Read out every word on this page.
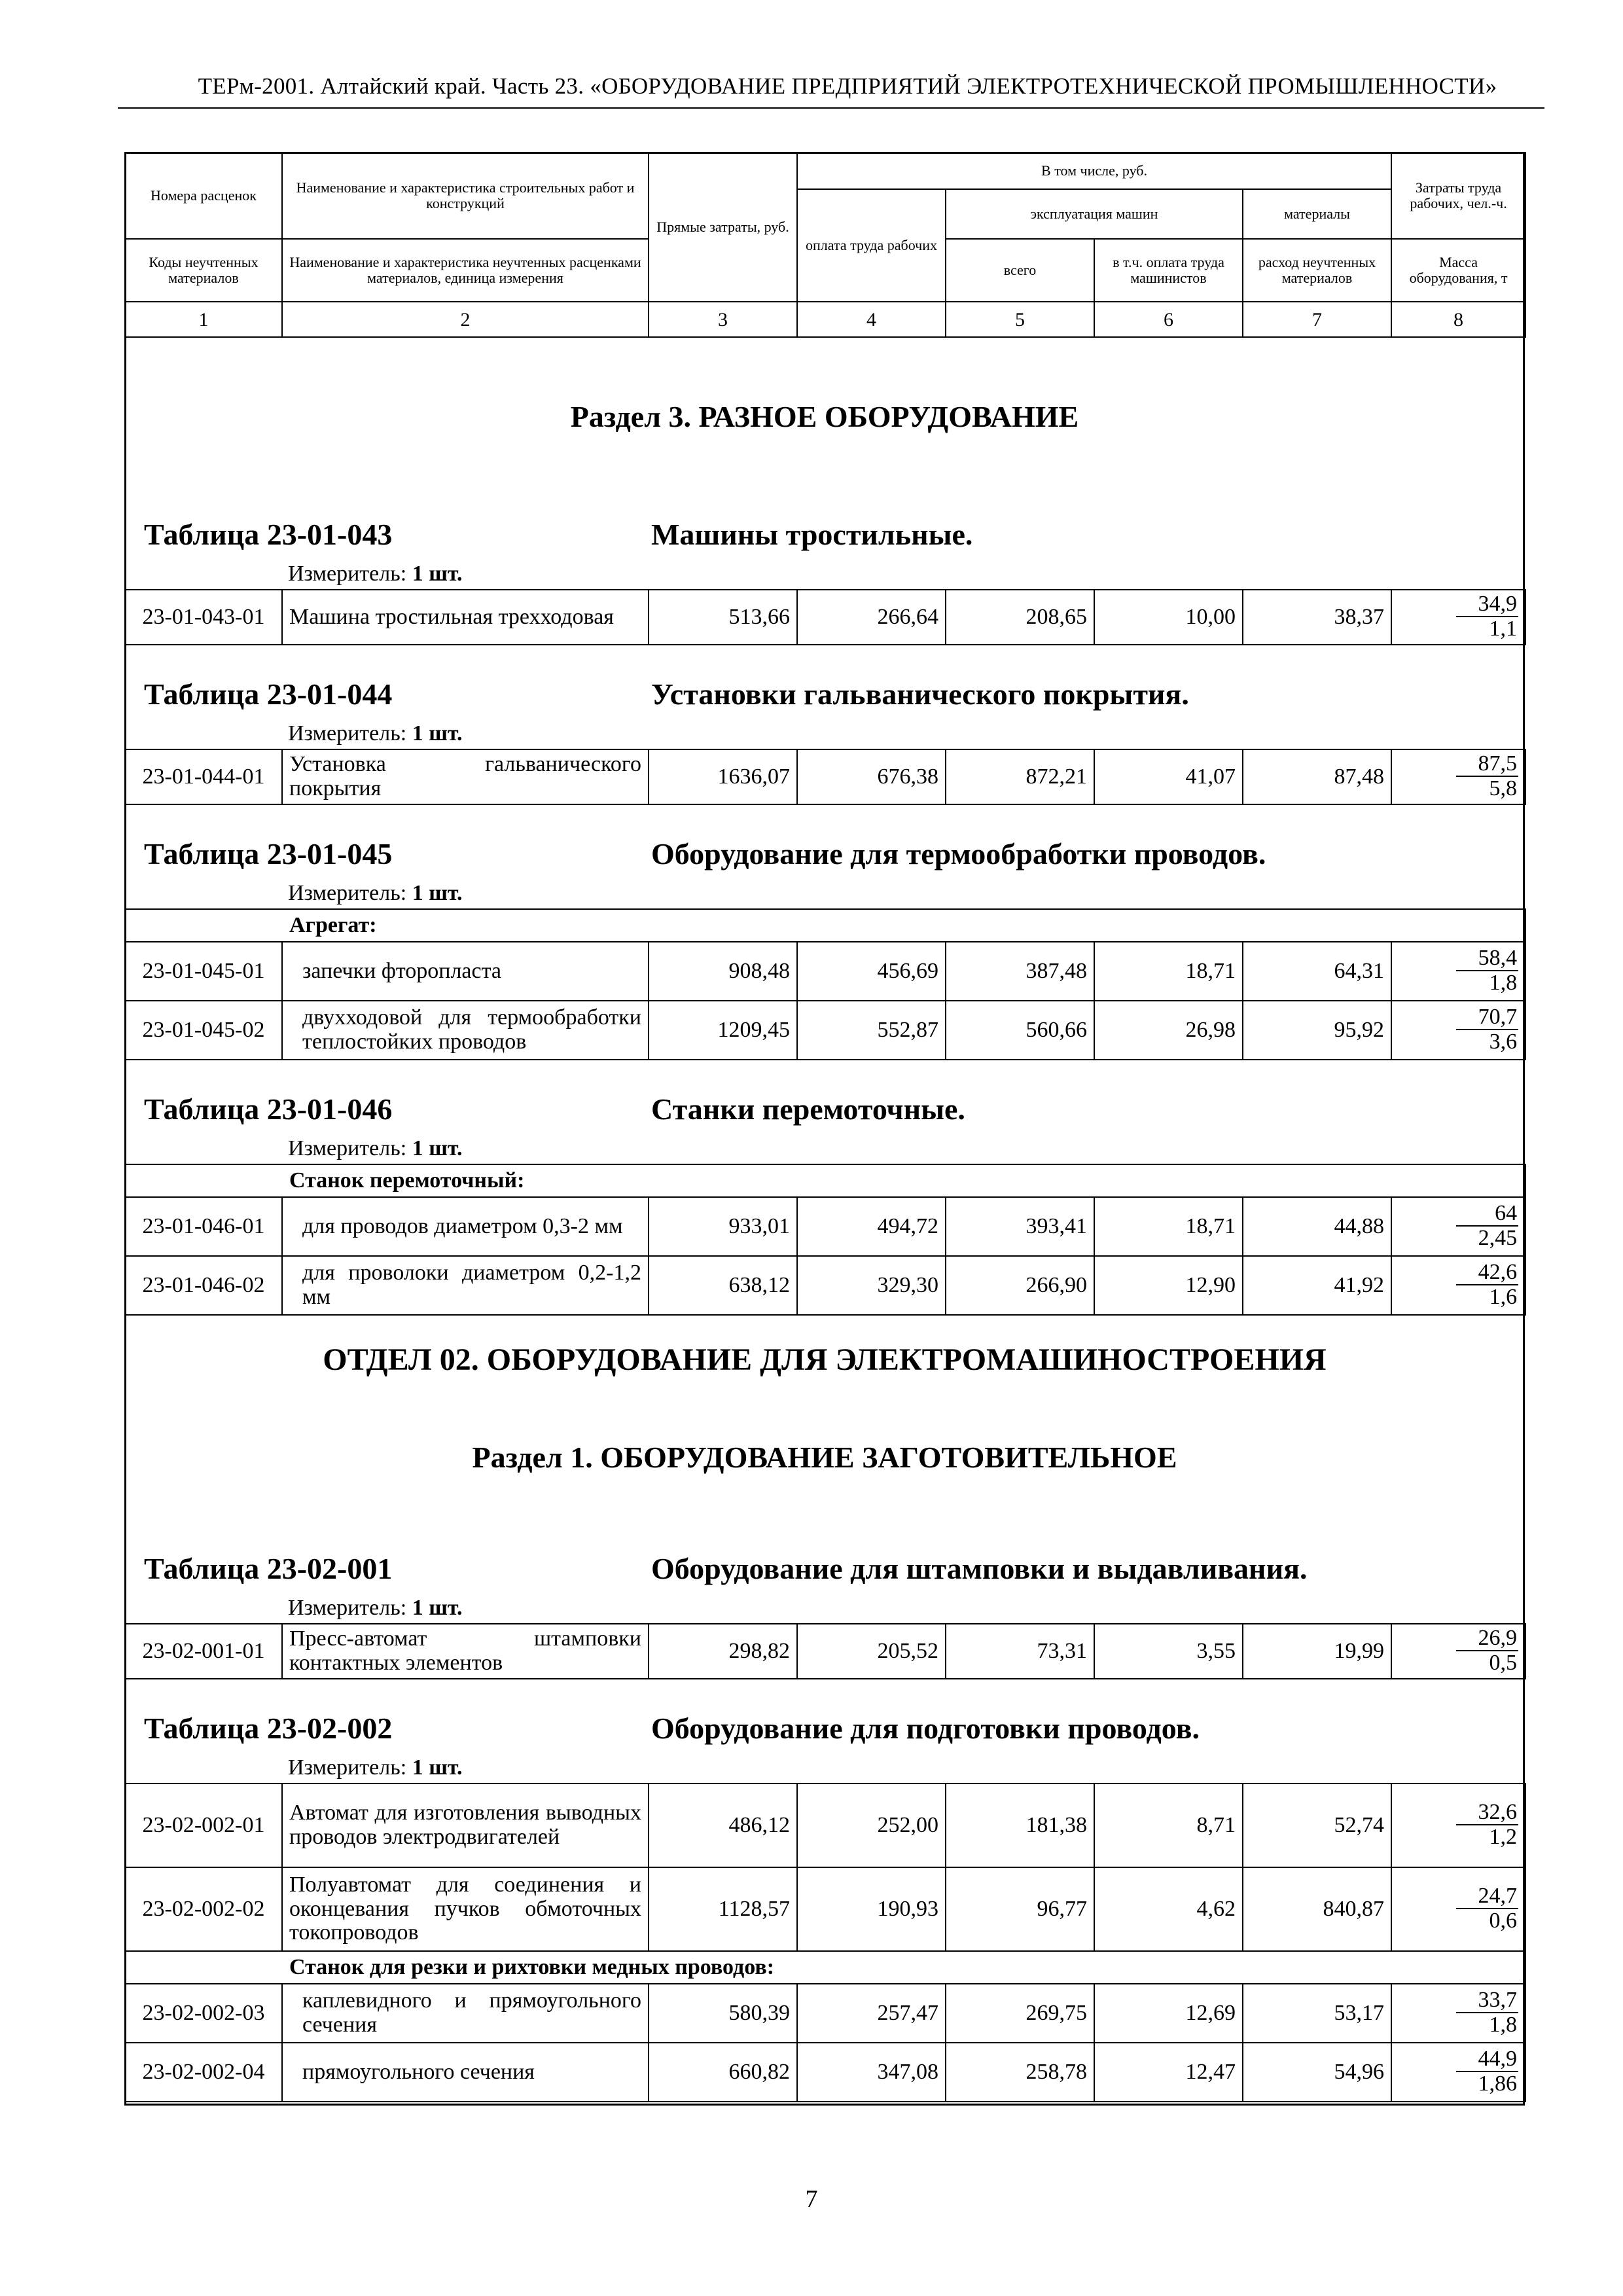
ТЕРм-2001. Алтайский край. Часть 23. «ОБОРУДОВАНИЕ ПРЕДПРИЯТИЙ ЭЛЕКТРОТЕХНИЧЕСКОЙ ПРОМЫШЛЕННОСТИ»
Номера расценок	Наименование и характеристика строительных работ и конструкций	Прямые затраты, руб.	В том числе, руб.				Затраты труда рабочих, чел.-ч.
			оплата труда рабочих	эксплуатация машин		материалы	
Коды неучтенных материалов	Наименование и характеристика неучтенных расценками материалов, единица измерения			всего	в т.ч. оплата труда машинистов	расход неучтенных материалов	Масса оборудования, т
1	2	3	4	5	6	7	8
Раздел 3. РАЗНОЕ ОБОРУДОВАНИЕ
Таблица 23-01-043	Машины тростильные.
Измеритель: 1 шт.
23-01-043-01	Машина тростильная трехходовая	513,66	266,64	208,65	10,00	38,37	$\frac{34,9}{1,1}$
Таблица 23-01-044	Установки гальванического покрытия.
Измеритель: 1 шт.
23-01-044-01	Установка гальванического покрытия	1636,07	676,38	872,21	41,07	87,48	$\frac{87,5}{5,8}$
Таблица 23-01-045	Оборудование для термообработки проводов.
Измеритель: 1 шт.
Агрегат:							
23-01-045-01	запечки фторопласта	908,48	456,69	387,48	18,71	64,31	$\frac{58,4}{1,8}$

23-01-045-02	двухходовой для термообработки теплостойких проводов	1209,45	552,87	560,66	26,98	95,92	$\frac{70,7}{3,6}$
Таблица 23-01-046	Станки перемоточные.
Измеритель: 1 шт.
Станок перемоточный:							
23-01-046-01	для проводов диаметром 0,3-2 мм	933,01	494,72	393,41	18,71	44,88	$\frac{64}{2,45}$

23-01-046-02	для проволоки диаметром 0,2-1,2 мм	638,12	329,30	266,90	12,90	41,92	$\frac{42,6}{1,6}$
ОТДЕЛ 02. ОБОРУДОВАНИЕ ДЛЯ ЭЛЕКТРОМАШИНОСТРОЕНИЯ
Раздел 1. ОБОРУДОВАНИЕ ЗАГОТОВИТЕЛЬНОЕ
Таблица 23-02-001	Оборудование для штамповки и выдавливания.
Измеритель: 1 шт.
23-02-001-01	Пресс-автомат штамповки контактных элементов	298,82	205,52	73,31	3,55	19,99	$\frac{26,9}{0,5}$
Таблица 23-02-002	Оборудование для подготовки проводов.
Измеритель: 1 шт.
23-02-002-01	Автомат для изготовления выводных проводов электродвигателей	486,12	252,00	181,38	8,71	52,74	$\frac{32,6}{1,2}$

23-02-002-02	Полуавтомат для соединения и оконцевания пучков обмоточных токопроводов	1128,57	190,93	96,77	4,62	840,87	$\frac{24,7}{0,6}$

Станок для резки и рихтовки медных проводов:							
23-02-002-03	каплевидного и прямоугольного сечения	580,39	257,47	269,75	12,69	53,17	$\frac{33,7}{1,8}$

23-02-002-04	прямоугольного сечения	660,82	347,08	258,78	12,47	54,96	$\frac{44,9}{1,86}$
7
